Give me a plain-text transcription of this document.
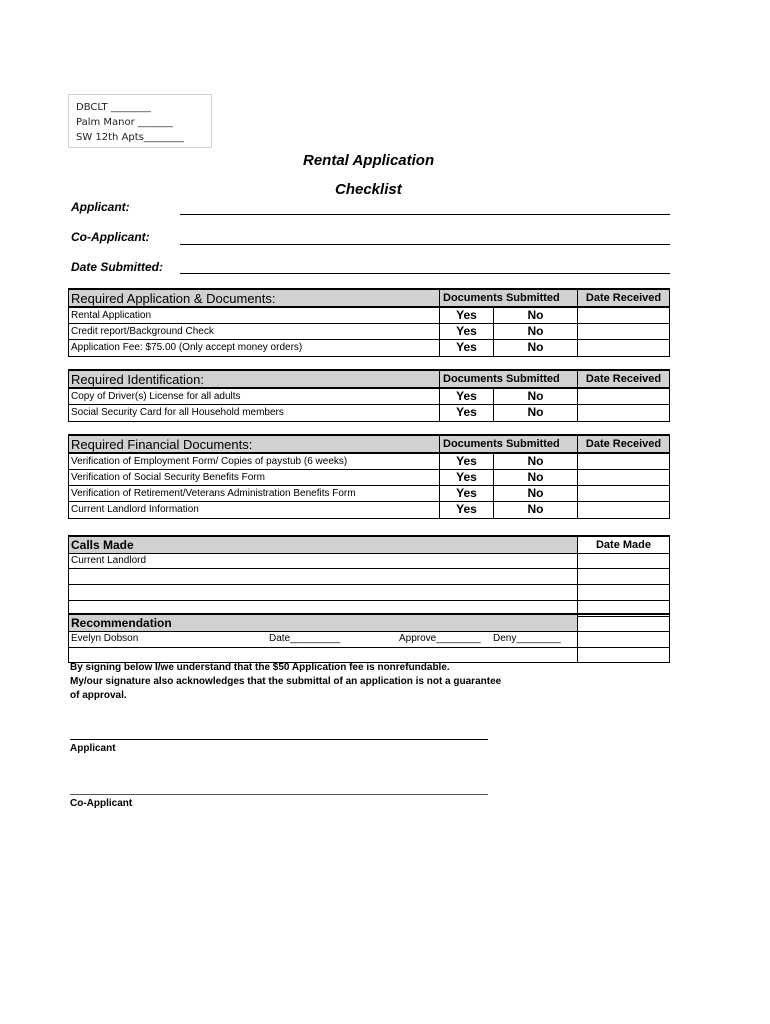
DBCLT ________
Palm Manor _______
SW 12th Apts________
Rental Application
Checklist
Applicant:
Co-Applicant:
Date Submitted:
Required Application & Documents:	Documents Submitted	Date Received
Rental Application	Yes	No
Credit report/Background Check	Yes	No
Application Fee: $75.00 (Only accept money orders)	Yes	No
Required Identification:	Documents Submitted	Date Received
Copy of Driver(s) License for all adults	Yes	No
Social Security Card for all Household members	Yes	No
Required Financial Documents:	Documents Submitted	Date Received
Verification of Employment Form/ Copies of paystub (6 weeks)	Yes	No
Verification of Social Security Benefits Form	Yes	No
Verification of Retirement/Veterans Administration Benefits Form	Yes	No
Current Landlord Information	Yes	No
Calls Made	Date Made
Current Landlord
Recommendation
Evelyn Dobson	Date_________	Approve________ Deny________
By signing below I/we understand that the $50 Application fee is nonrefundable.
My/our signature also acknowledges that the submittal of an application is not a guarantee
of approval.
Applicant
Co-Applicant
